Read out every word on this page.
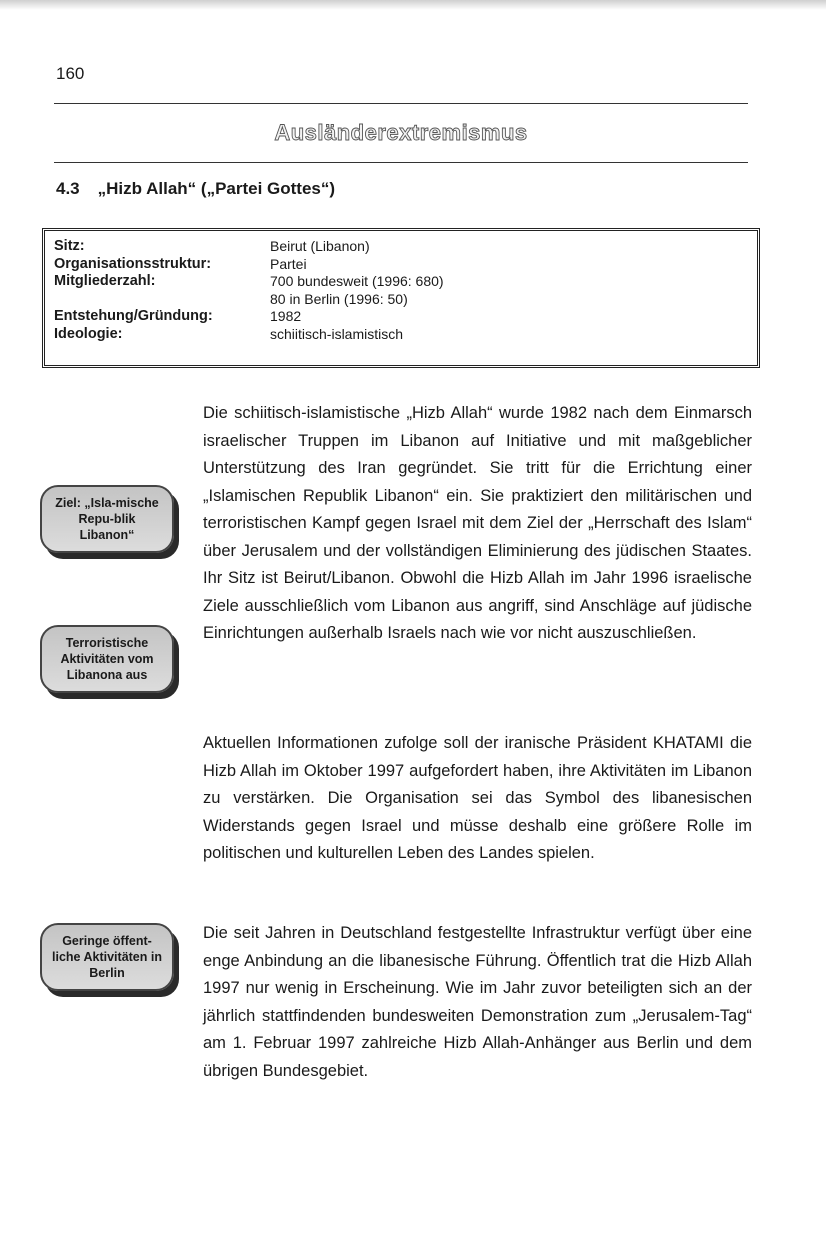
160
Ausländerextremismus
4.3 „Hizb Allah“ („Partei Gottes“)
Sitz:	Beirut (Libanon)
Organisationsstruktur:	Partei
Mitgliederzahl:	700 bundesweit (1996: 680)
	80 in Berlin (1996: 50)
Entstehung/Gründung:	1982
Ideologie:	schiitisch-islamistisch
Ziel: „Isla-mische Repu-blik Libanon“
Terroristische Aktivitäten vom Libanona aus
Geringe öffent-liche Aktivitäten in Berlin

Die schiitisch-islamistische „Hizb Allah“ wurde 1982 nach dem Einmarsch israelischer Truppen im Libanon auf Initiative und mit maßgeblicher Unterstützung des Iran gegründet. Sie tritt für die Errichtung einer „Islamischen Republik Libanon“ ein. Sie praktiziert den militärischen und terroristischen Kampf gegen Israel mit dem Ziel der „Herrschaft des Islam“ über Jerusalem und der vollständigen Eliminierung des jüdischen Staates. Ihr Sitz ist Beirut/Libanon. Obwohl die Hizb Allah im Jahr 1996 israelische Ziele ausschließlich vom Libanon aus angriff, sind Anschläge auf jüdische Einrichtungen außerhalb Israels nach wie vor nicht auszuschließen.

Aktuellen Informationen zufolge soll der iranische Präsident KHATAMI die Hizb Allah im Oktober 1997 aufgefordert haben, ihre Aktivitäten im Libanon zu verstärken. Die Organisation sei das Symbol des libanesischen Widerstands gegen Israel und müsse deshalb eine größere Rolle im politischen und kulturellen Leben des Landes spielen.

Die seit Jahren in Deutschland festgestellte Infrastruktur verfügt über eine enge Anbindung an die libanesische Führung. Öffentlich trat die Hizb Allah 1997 nur wenig in Erscheinung. Wie im Jahr zuvor beteiligten sich an der jährlich stattfindenden bundesweiten Demonstration zum „Jerusalem-Tag“ am 1. Februar 1997 zahlreiche Hizb Allah-Anhänger aus Berlin und dem übrigen Bundesgebiet.
